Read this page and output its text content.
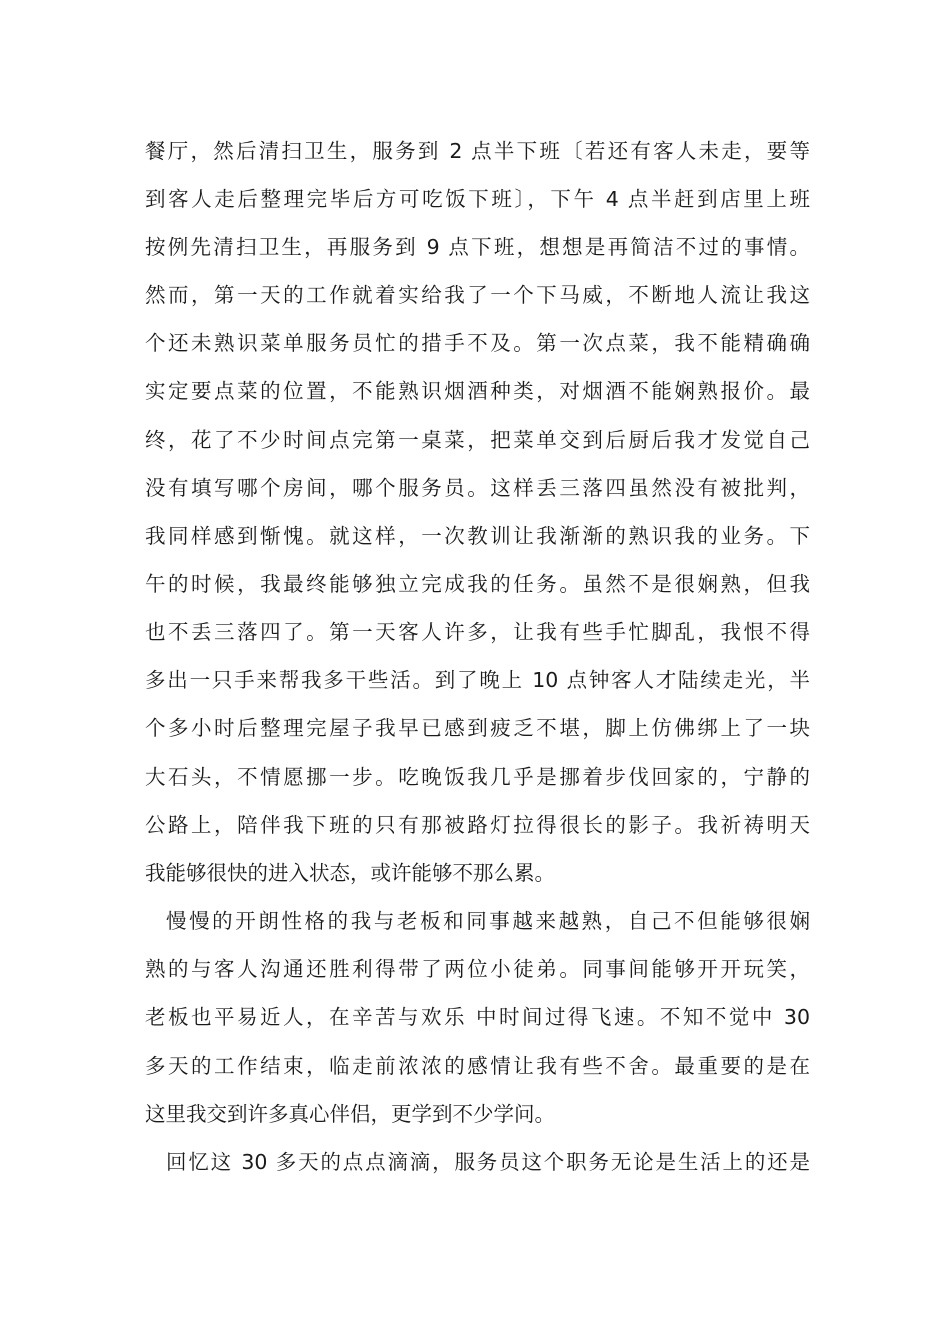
餐厅，然后清扫卫生，服务到 2 点半下班〔若还有客人未走，要等
到客人走后整理完毕后方可吃饭下班〕，下午 4 点半赶到店里上班
按例先清扫卫生，再服务到 9 点下班，想想是再简洁不过的事情。
然而，第一天的工作就着实给我了一个下马威，不断地人流让我这
个还未熟识菜单服务员忙的措手不及。第一次点菜，我不能精确确
实定要点菜的位置，不能熟识烟酒种类，对烟酒不能娴熟报价。最
终，花了不少时间点完第一桌菜，把菜单交到后厨后我才发觉自己
没有填写哪个房间，哪个服务员。这样丢三落四虽然没有被批判，
我同样感到惭愧。就这样，一次教训让我渐渐的熟识我的业务。下
午的时候，我最终能够独立完成我的任务。虽然不是很娴熟，但我
也不丢三落四了。第一天客人许多，让我有些手忙脚乱，我恨不得
多出一只手来帮我多干些活。到了晚上 10 点钟客人才陆续走光，半
个多小时后整理完屋子我早已感到疲乏不堪，脚上仿佛绑上了一块
大石头，不情愿挪一步。吃晚饭我几乎是挪着步伐回家的，宁静的
公路上，陪伴我下班的只有那被路灯拉得很长的影子。我祈祷明天
我能够很快的进入状态，或许能够不那么累。
慢慢的开朗性格的我与老板和同事越来越熟，自己不但能够很娴
熟的与客人沟通还胜利得带了两位小徒弟。同事间能够开开玩笑，
老板也平易近人，在辛苦与欢乐 中时间过得飞速。不知不觉中 30
多天的工作结束，临走前浓浓的感情让我有些不舍。最重要的是在
这里我交到许多真心伴侣，更学到不少学问。
回忆这 30 多天的点点滴滴，服务员这个职务无论是生活上的还是
